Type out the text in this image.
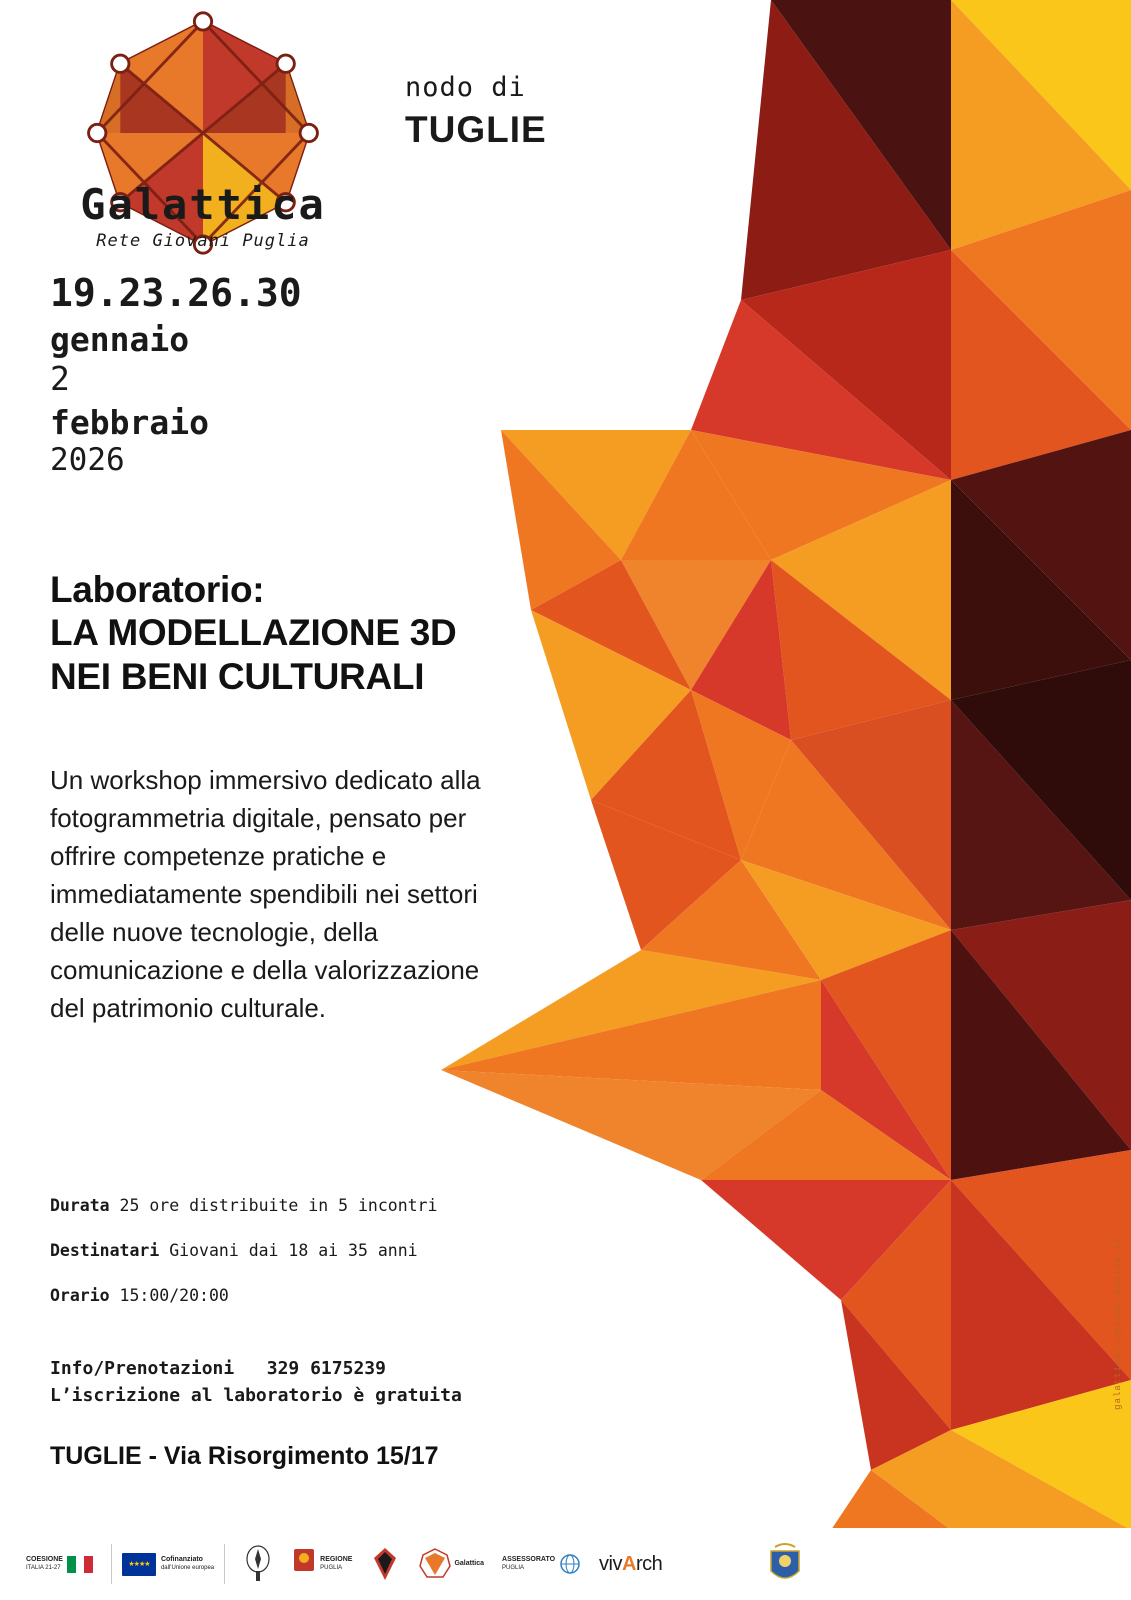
galattica.regione.puglia.it
Galattica
Rete Giovani Puglia
nodo di
TUGLIE
19.23.26.30
gennaio
2
febbraio
2026
Laboratorio:
LA MODELLAZIONE 3D
NEI BENI CULTURALI
Un workshop immersivo dedicato alla fotogrammetria digitale, pensato per offrire competenze pratiche e immediatamente spendibili nei settori delle nuove tecnologie, della comunicazione e della valorizzazione del patrimonio culturale.
Durata 25 ore distribuite in 5 incontri
Destinatari Giovani dai 18 ai 35 anni
Orario 15:00/20:00
Info/Prenotazioni 329 6175239
L’iscrizione al laboratorio è gratuita
TUGLIE - Via Risorgimento 15/17
COESIONE
ITALIA 21-27	★★★★
Cofinanziato
dall'Unione europea
REGIONE
PUGLIA
Galattica
ASSESSORATO
PUGLIA	vivArch
